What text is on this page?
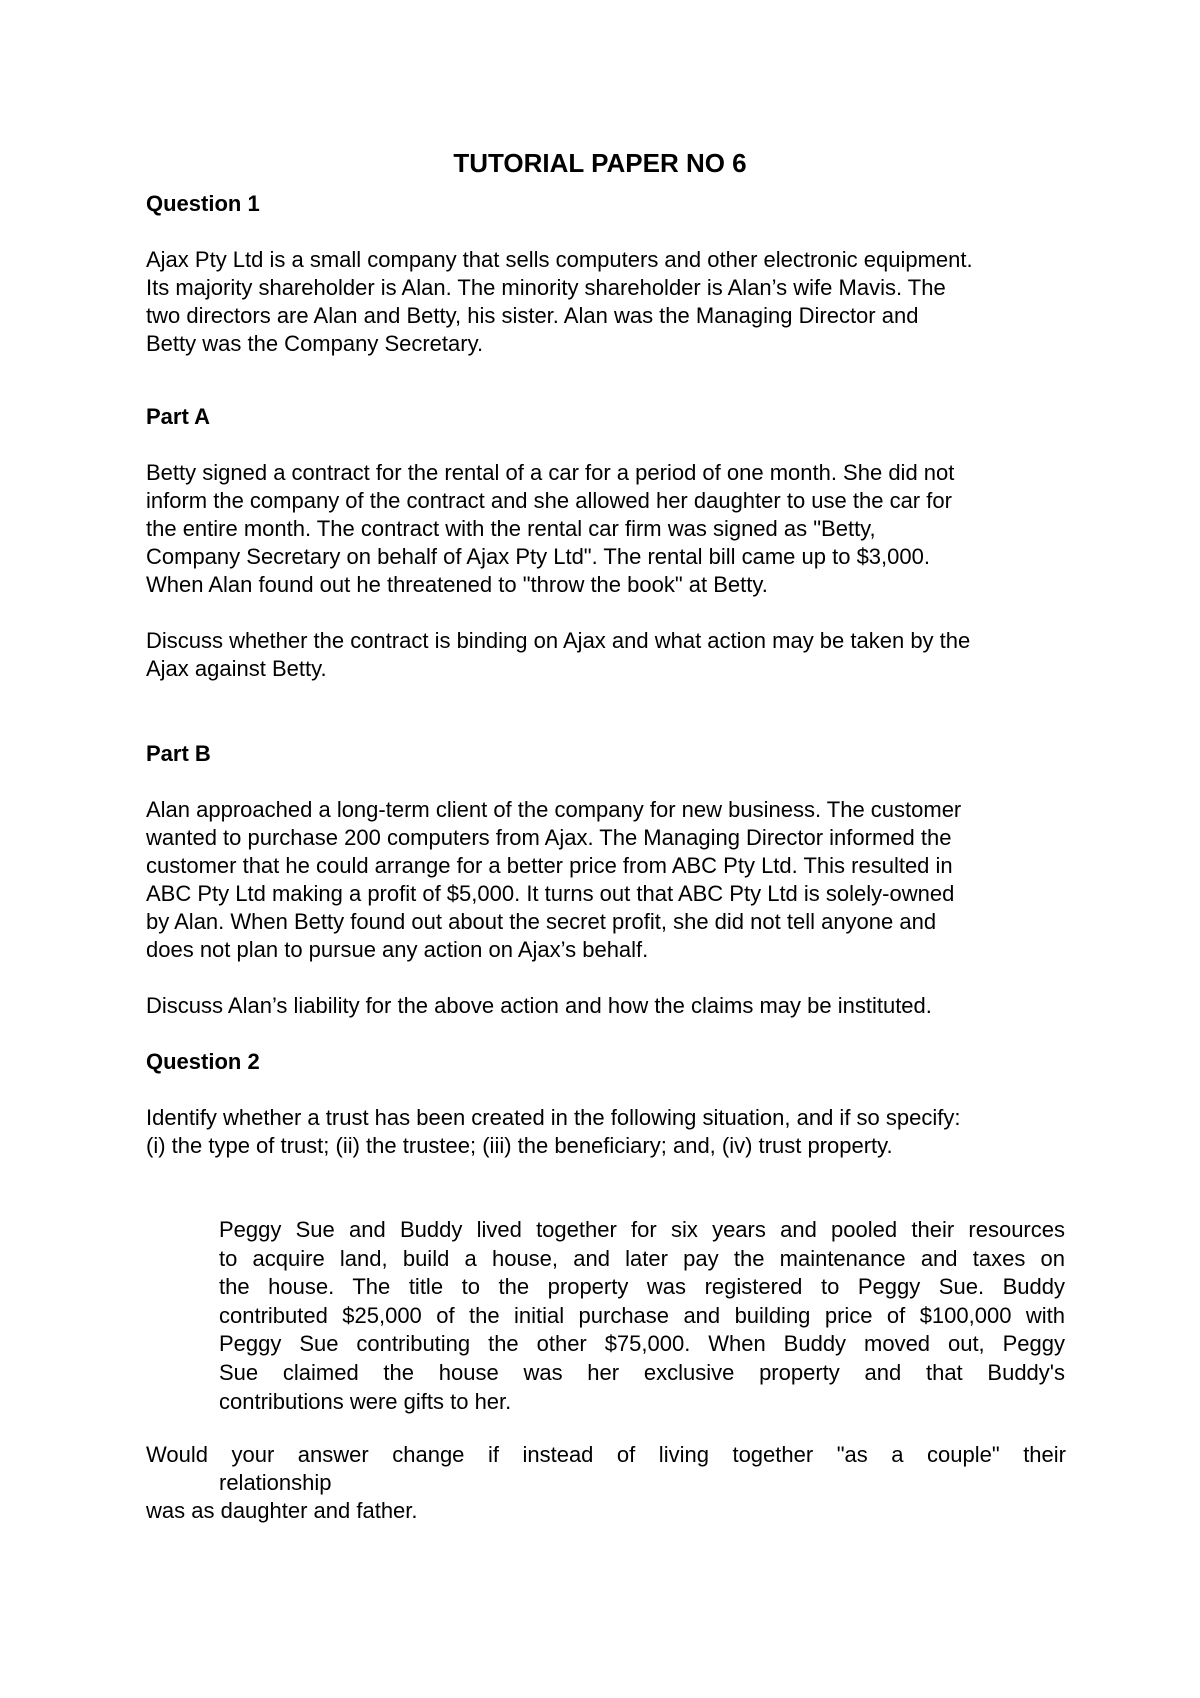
TUTORIAL PAPER NO 6
Question 1
Ajax Pty Ltd is a small company that sells computers and other electronic equipment.
Its majority shareholder is Alan. The minority shareholder is Alan’s wife Mavis. The
two directors are Alan and Betty, his sister. Alan was the Managing Director and
Betty was the Company Secretary.
Part A
Betty signed a contract for the rental of a car for a period of one month. She did not
inform the company of the contract and she allowed her daughter to use the car for
the entire month. The contract with the rental car firm was signed as "Betty,
Company Secretary on behalf of Ajax Pty Ltd". The rental bill came up to $3,000.
When Alan found out he threatened to "throw the book" at Betty.
Discuss whether the contract is binding on Ajax and what action may be taken by the
Ajax against Betty.
Part B
Alan approached a long-term client of the company for new business. The customer
wanted to purchase 200 computers from Ajax. The Managing Director informed the
customer that he could arrange for a better price from ABC Pty Ltd. This resulted in
ABC Pty Ltd making a profit of $5,000. It turns out that ABC Pty Ltd is solely-owned
by Alan. When Betty found out about the secret profit, she did not tell anyone and
does not plan to pursue any action on Ajax’s behalf.
Discuss Alan’s liability for the above action and how the claims may be instituted.
Question 2
Identify whether a trust has been created in the following situation, and if so specify:
(i) the type of trust; (ii) the trustee; (iii) the beneficiary; and, (iv) trust property.
Peggy Sue and Buddy lived together for six years and pooled their resources
to acquire land, build a house, and later pay the maintenance and taxes on
the house. The title to the property was registered to Peggy Sue. Buddy
contributed $25,000 of the initial purchase and building price of $100,000 with
Peggy Sue contributing the other $75,000. When Buddy moved out, Peggy
Sue claimed the house was her exclusive property and that Buddy's
contributions were gifts to her.
Would your answer change if instead of living together "as a couple" their
relationship
was as daughter and father.
